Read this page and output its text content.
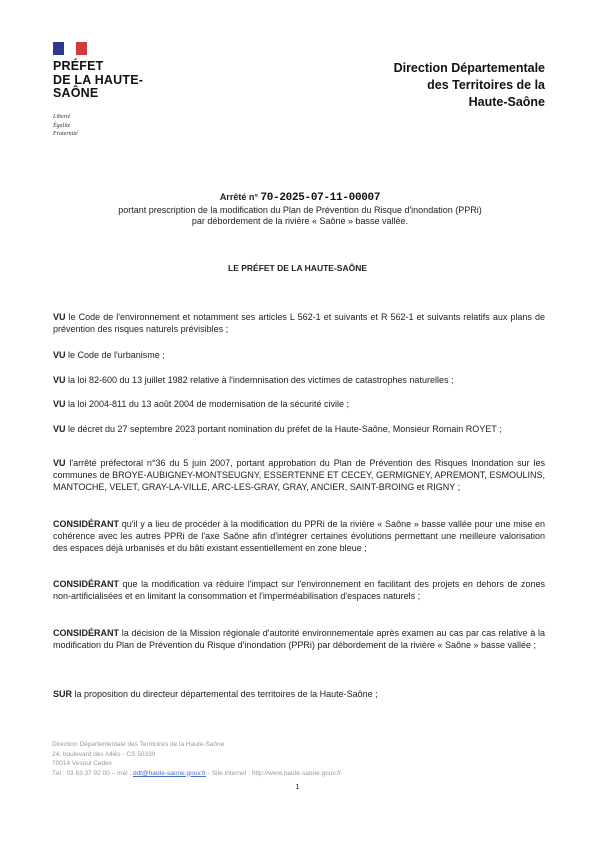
PRÉFET
DE LA HAUTE-
SAÔNE
Liberté
Égalité
Fraternité
Direction Départementale
des Territoires de la
Haute-Saône
Arrêté n° 70-2025-07-11-00007
portant prescription de la modification du Plan de Prévention du Risque d'inondation (PPRi)
par débordement de la rivière « Saône » basse vallée.
LE PRÉFET DE LA HAUTE-SAÔNE
VU le Code de l'environnement et notamment ses articles L 562-1 et suivants et R 562-1 et suivants relatifs aux plans de prévention des risques naturels prévisibles ;
VU le Code de l'urbanisme ;
VU la loi 82-600 du 13 juillet 1982 relative à l'indemnisation des victimes de catastrophes naturelles ;
VU la loi 2004-811 du 13 août 2004 de modernisation de la sécurité civile ;
VU le décret du 27 septembre 2023 portant nomination du préfet de la Haute-Saône, Monsieur Romain ROYET ;
VU l'arrêté préfectoral n°36 du 5 juin 2007, portant approbation du Plan de Prévention des Risques Inondation sur les communes de BROYE-AUBIGNEY-MONTSEUGNY, ESSERTENNE ET CECEY, GERMIGNEY, APREMONT, ESMOULINS, MANTOCHE, VELET, GRAY-LA-VILLE, ARC-LES-GRAY, GRAY, ANCIER, SAINT-BROING et RIGNY ;
CONSIDÉRANT qu'il y a lieu de procéder à la modification du PPRi de la rivière « Saône » basse vallée pour une mise en cohérence avec les autres PPRi de l'axe Saône afin d'intégrer certaines évolutions permettant une meilleure valorisation des espaces déjà urbanisés et du bâti existant essentiellement en zone bleue ;
CONSIDÉRANT que la modification va réduire l'impact sur l'environnement en facilitant des projets en dehors de zones non-artificialisées et en limitant la consommation et l'imperméabilisation d'espaces naturels ;
CONSIDÉRANT la décision de la Mission régionale d'autorité environnementale après examen au cas par cas relative à la modification du Plan de Prévention du Risque d'inondation (PPRi) par débordement de la rivière « Saône » basse vallée ;
SUR la proposition du directeur départemental des territoires de la Haute-Saône ;
Direction Départementale des Territoires de la Haute-Saône
24, boulevard des Alliés - CS 50339
70014 Vesoul Cedex
Tél : 03 63 37 92 00 – mél : ddt@haute-saone.gouv.fr - Site internet : http://www.haute-saone.gouv.fr
1
